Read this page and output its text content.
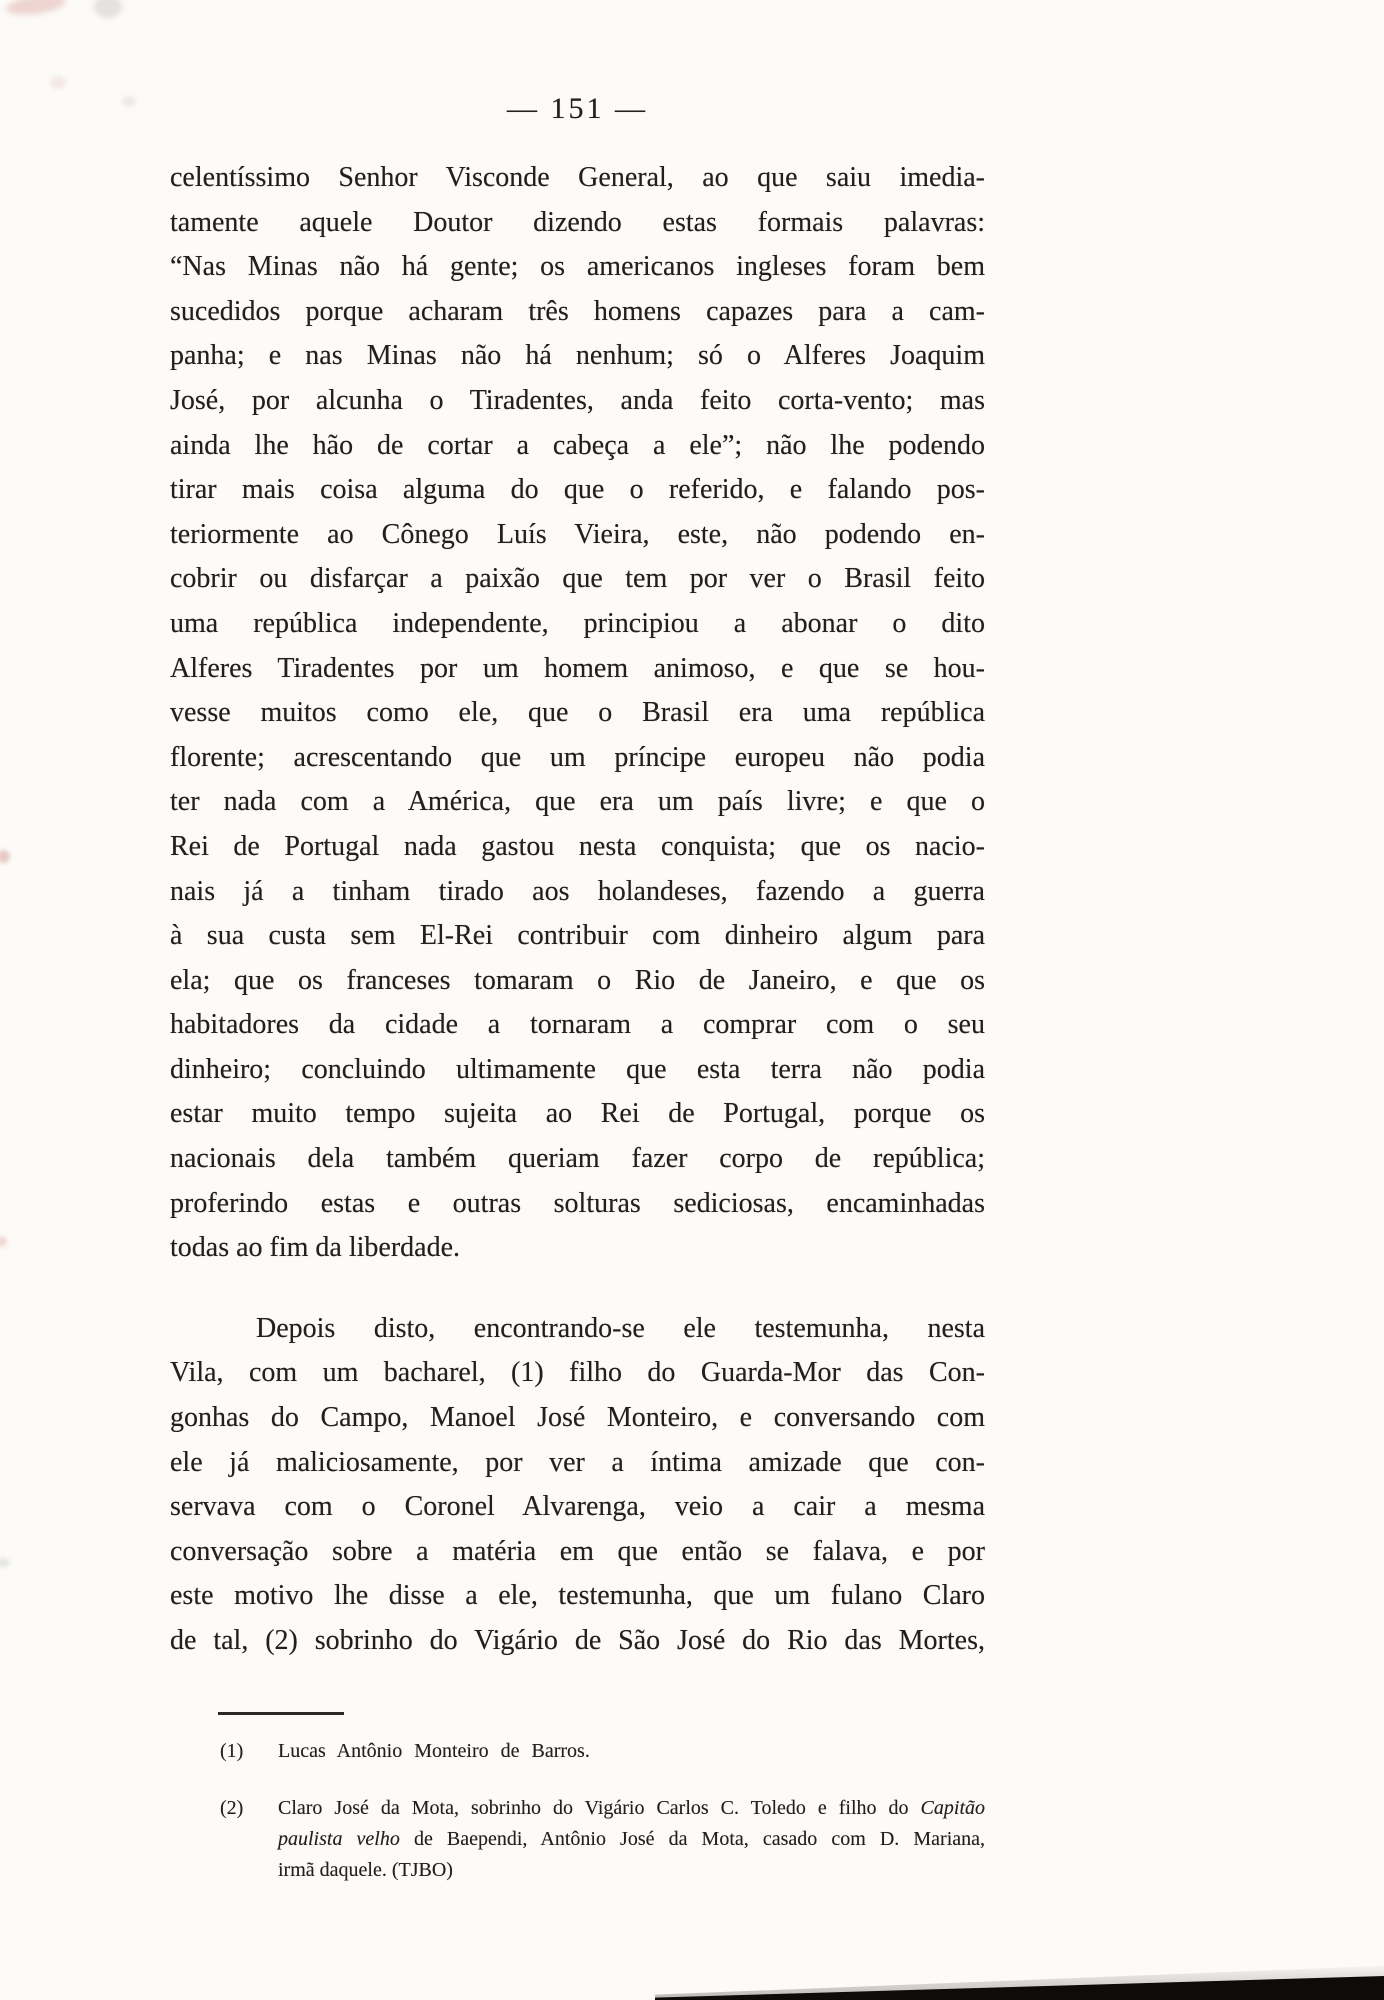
— 151 —
celentíssimo Senhor Visconde General, ao que saiu imedia-
tamente aquele Doutor dizendo estas formais palavras:
“Nas Minas não há gente; os americanos ingleses foram bem
sucedidos porque acharam três homens capazes para a cam-
panha; e nas Minas não há nenhum; só o Alferes Joaquim
José, por alcunha o Tiradentes, anda feito corta-vento; mas
ainda lhe hão de cortar a cabeça a ele”; não lhe podendo
tirar mais coisa alguma do que o referido, e falando pos-
teriormente ao Cônego Luís Vieira, este, não podendo en-
cobrir ou disfarçar a paixão que tem por ver o Brasil feito
uma república independente, principiou a abonar o dito
Alferes Tiradentes por um homem animoso, e que se hou-
vesse muitos como ele, que o Brasil era uma república
florente; acrescentando que um príncipe europeu não podia
ter nada com a América, que era um país livre; e que o
Rei de Portugal nada gastou nesta conquista; que os nacio-
nais já a tinham tirado aos holandeses, fazendo a guerra
à sua custa sem El-Rei contribuir com dinheiro algum para
ela; que os franceses tomaram o Rio de Janeiro, e que os
habitadores da cidade a tornaram a comprar com o seu
dinheiro; concluindo ultimamente que esta terra não podia
estar muito tempo sujeita ao Rei de Portugal, porque os
nacionais dela também queriam fazer corpo de república;
proferindo estas e outras solturas sediciosas, encaminhadas
todas ao fim da liberdade.
Depois disto, encontrando-se ele testemunha, nesta
Vila, com um bacharel, (1) filho do Guarda-Mor das Con-
gonhas do Campo, Manoel José Monteiro, e conversando com
ele já maliciosamente, por ver a íntima amizade que con-
servava com o Coronel Alvarenga, veio a cair a mesma
conversação sobre a matéria em que então se falava, e por
este motivo lhe disse a ele, testemunha, que um fulano Claro
de tal, (2) sobrinho do Vigário de São José do Rio das Mortes,
(1)	Lucas Antônio Monteiro de Barros.
(2)	Claro José da Mota, sobrinho do Vigário Carlos C. Toledo e filho do Capitão
paulista velho de Baependi, Antônio José da Mota, casado com D. Mariana,
irmã daquele. (TJBO)
